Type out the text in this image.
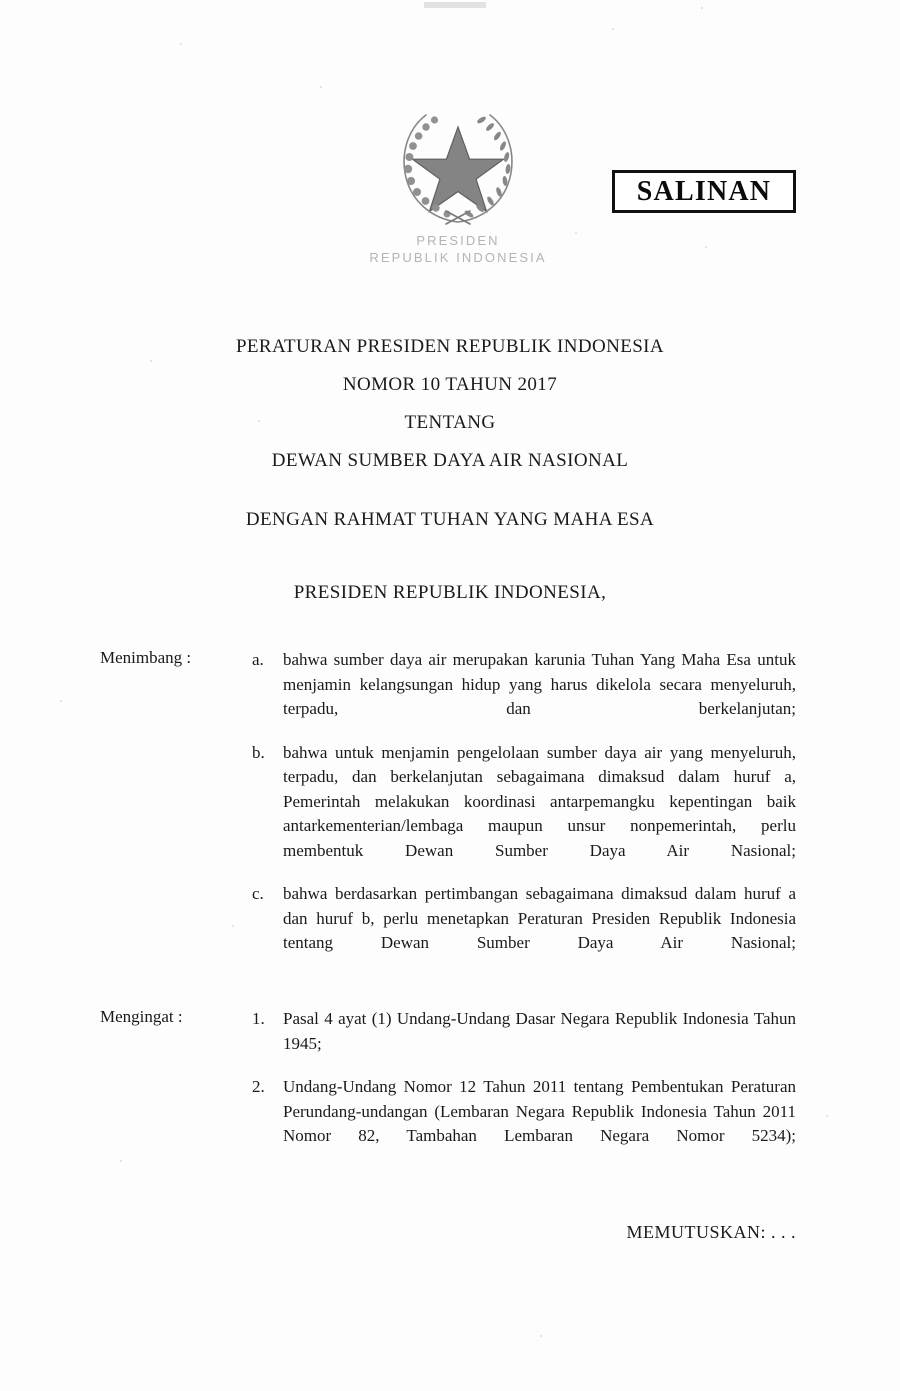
PRESIDEN
REPUBLIK INDONESIA
SALINAN
PERATURAN PRESIDEN REPUBLIK INDONESIA
NOMOR 10 TAHUN 2017
TENTANG
DEWAN SUMBER DAYA AIR NASIONAL
DENGAN RAHMAT TUHAN YANG MAHA ESA
PRESIDEN REPUBLIK INDONESIA,
Menimbang :	a.	bahwa sumber daya air merupakan karunia Tuhan Yang Maha Esa untuk menjamin kelangsungan hidup yang harus dikelola secara menyeluruh, terpadu, dan berkelanjutan;
b.	bahwa untuk menjamin pengelolaan sumber daya air yang menyeluruh, terpadu, dan berkelanjutan sebagaimana dimaksud dalam huruf a, Pemerintah melakukan koordinasi antarpemangku kepentingan baik antarkementerian/lembaga maupun unsur nonpemerintah, perlu membentuk Dewan Sumber Daya Air Nasional;
c.	bahwa berdasarkan pertimbangan sebagaimana dimaksud dalam huruf a dan huruf b, perlu menetapkan Peraturan Presiden Republik Indonesia tentang Dewan Sumber Daya Air Nasional;
Mengingat :	1.	Pasal 4 ayat (1) Undang-Undang Dasar Negara Republik Indonesia Tahun 1945;
2.	Undang-Undang Nomor 12 Tahun 2011 tentang Pembentukan Peraturan Perundang-undangan (Lembaran Negara Republik Indonesia Tahun 2011 Nomor 82, Tambahan Lembaran Negara Nomor 5234);
MEMUTUSKAN: . . .
